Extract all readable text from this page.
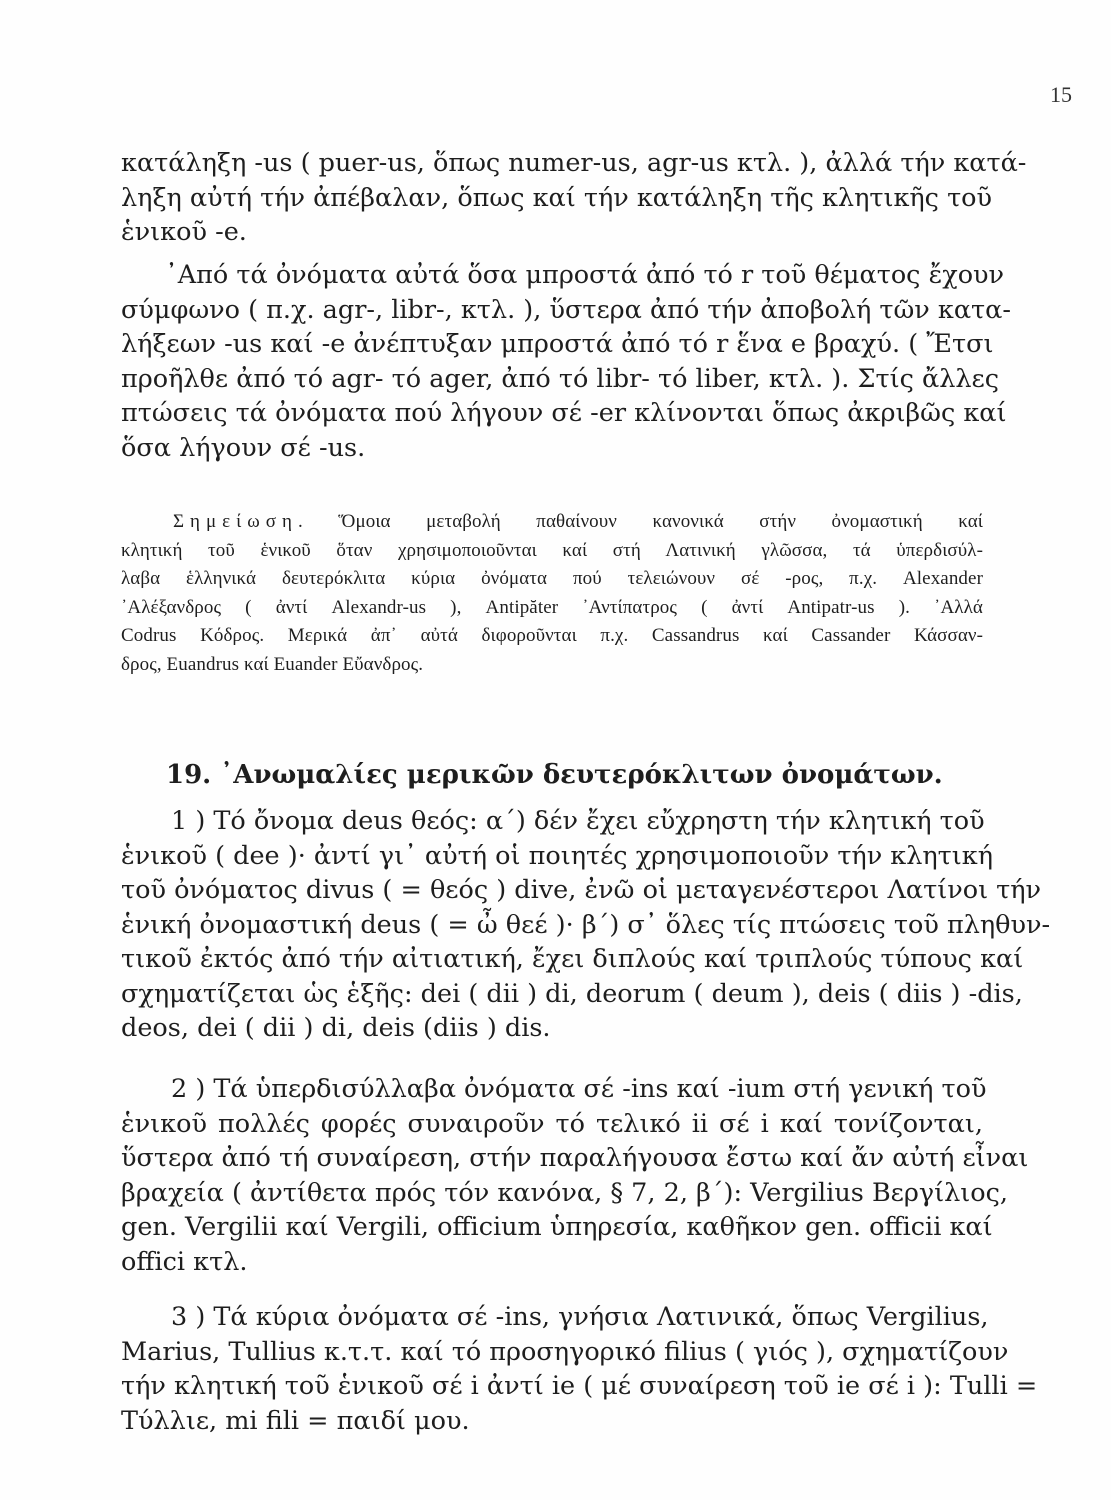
15
κατάληξη -us ( puer-us, ὅπως numer-us, agr-us κτλ. ), ἀλλά τήν κατά-
ληξη αὐτή τήν ἀπέβαλαν, ὅπως καί τήν κατάληξη τῆς κλητικῆς τοῦ
ἑνικοῦ -e.
᾿Από τά ὀνόματα αὐτά ὅσα μπροστά ἀπό τό r τοῦ θέματος ἔχουν
σύμφωνο ( π.χ. agr-, libr-, κτλ. ), ὕστερα ἀπό τήν ἀποβολή τῶν κατα-
λήξεων -us καί -e ἀνέπτυξαν μπροστά ἀπό τό r ἕνα e βραχύ. ( Ἔτσι
προῆλθε ἀπό τό agr- τό ager, ἀπό τό libr- τό liber, κτλ. ). Στίς ἄλλες
πτώσεις τά ὀνόματα πού λήγουν σέ -er κλίνονται ὅπως ἀκριβῶς καί
ὅσα λήγουν σέ -us.
Σημείωση. Ὅμοια μεταβολή παθαίνουν κανονικά στήν ὀνομαστική καί
κλητική τοῦ ἑνικοῦ ὅταν χρησιμοποιοῦνται καί στή Λατινική γλῶσσα, τά ὑπερδισύλ-
λαβα ἑλληνικά δευτερόκλιτα κύρια ὀνόματα πού τελειώνουν σέ -ρος, π.χ. Alexander
᾿Αλέξανδρος ( ἀντί Alexandr-us ), Antipăter ᾿Αντίπατρος ( ἀντί Antipatr-us ). ᾿Αλλά
Codrus Κόδρος. Μερικά ἀπ᾿ αὐτά διφοροῦνται π.χ. Cassandrus καί Cassander Κάσσαν-
δρος, Euandrus καί Euander Εὔανδρος.
19. ᾿Ανωμαλίες μερικῶν δευτερόκλιτων ὀνομάτων.
1 ) Τό ὄνομα deus θεός: α΄) δέν ἔχει εὔχρηστη τήν κλητική τοῦ
ἑνικοῦ ( dee )· ἀντί γι᾿ αὐτή οἱ ποιητές χρησιμοποιοῦν τήν κλητική
τοῦ ὀνόματος divus ( = θεός ) dive, ἐνῶ οἱ μεταγενέστεροι Λατίνοι τήν
ἑνική ὀνομαστική deus ( = ὦ θεέ )· β΄) σ᾿ ὅλες τίς πτώσεις τοῦ πληθυν-
τικοῦ ἐκτός ἀπό τήν αἰτιατική, ἔχει διπλούς καί τριπλούς τύπους καί
σχηματίζεται ὡς ἑξῆς: dei ( dii ) di, deorum ( deum ), deis ( diis ) -dis,
deos, dei ( dii ) di, deis (diis ) dis.
2 ) Τά ὑπερδισύλλαβα ὀνόματα σέ -ins καί -ium στή γενική τοῦ
ἑνικοῦ πολλές φορές συναιροῦν τό τελικό ii σέ i καί τονίζονται,
ὕστερα ἀπό τή συναίρεση, στήν παραλήγουσα ἔστω καί ἄν αὐτή εἶναι
βραχεία ( ἀντίθετα πρός τόν κανόνα, § 7, 2, β΄): Vergilius Βεργίλιος,
gen. Vergilii καί Vergili, officium ὑπηρεσία, καθῆκον gen. officii καί
offici κτλ.
3 ) Τά κύρια ὀνόματα σέ -ins, γνήσια Λατινικά, ὅπως Vergilius,
Marius, Tullius κ.τ.τ. καί τό προσηγορικό filius ( γιός ), σχηματίζουν
τήν κλητική τοῦ ἑνικοῦ σέ i ἀντί ie ( μέ συναίρεση τοῦ ie σέ i ): Tulli =
Τύλλιε, mi fili = παιδί μου.
